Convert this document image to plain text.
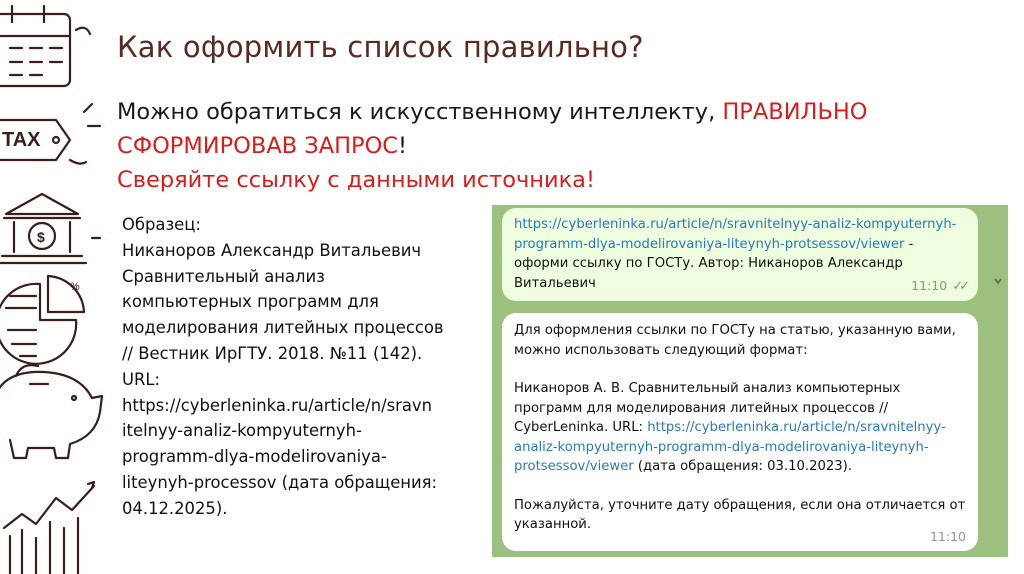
TAX
$
%
Как оформить список правильно?
Можно обратиться к искусственному интеллекту, ПРАВИЛЬНО СФОРМИРОВАВ ЗАПРОС!
Сверяйте ссылку с данными источника!
Образец:
Никаноров Александр Витальевич
Сравнительный анализ
компьютерных программ для
моделирования литейных процессов
// Вестник ИрГТУ. 2018. №11 (142).
URL:
https://cyberleninka.ru/article/n/sravn
itelnyy-analiz-kompyuternyh-
programm-dlya-modelirovaniya-
liteynyh-processov (дата обращения:
04.12.2025).
https://cyberleninka.ru/article/n/sravnitelnyy-analiz-kompyuternyh-programm-dlya-modelirovaniya-liteynyh-protsessov/viewer - оформи ссылку по ГОСТу. Автор: Никаноров Александр Витальевич	11:10 ✓✓

Для оформления ссылки по ГОСТу на статью, указанную вами, можно использовать следующий формат:

Никаноров А. В. Сравнительный анализ компьютерных программ для моделирования литейных процессов // CyberLeninka. URL: https://cyberleninka.ru/article/n/sravnitelnyy-analiz-kompyuternyh-programm-dlya-modelirovaniya-liteynyh-protsessov/viewer (дата обращения: 03.10.2023).

Пожалуйста, уточните дату обращения, если она отличается от указанной.

11:10
